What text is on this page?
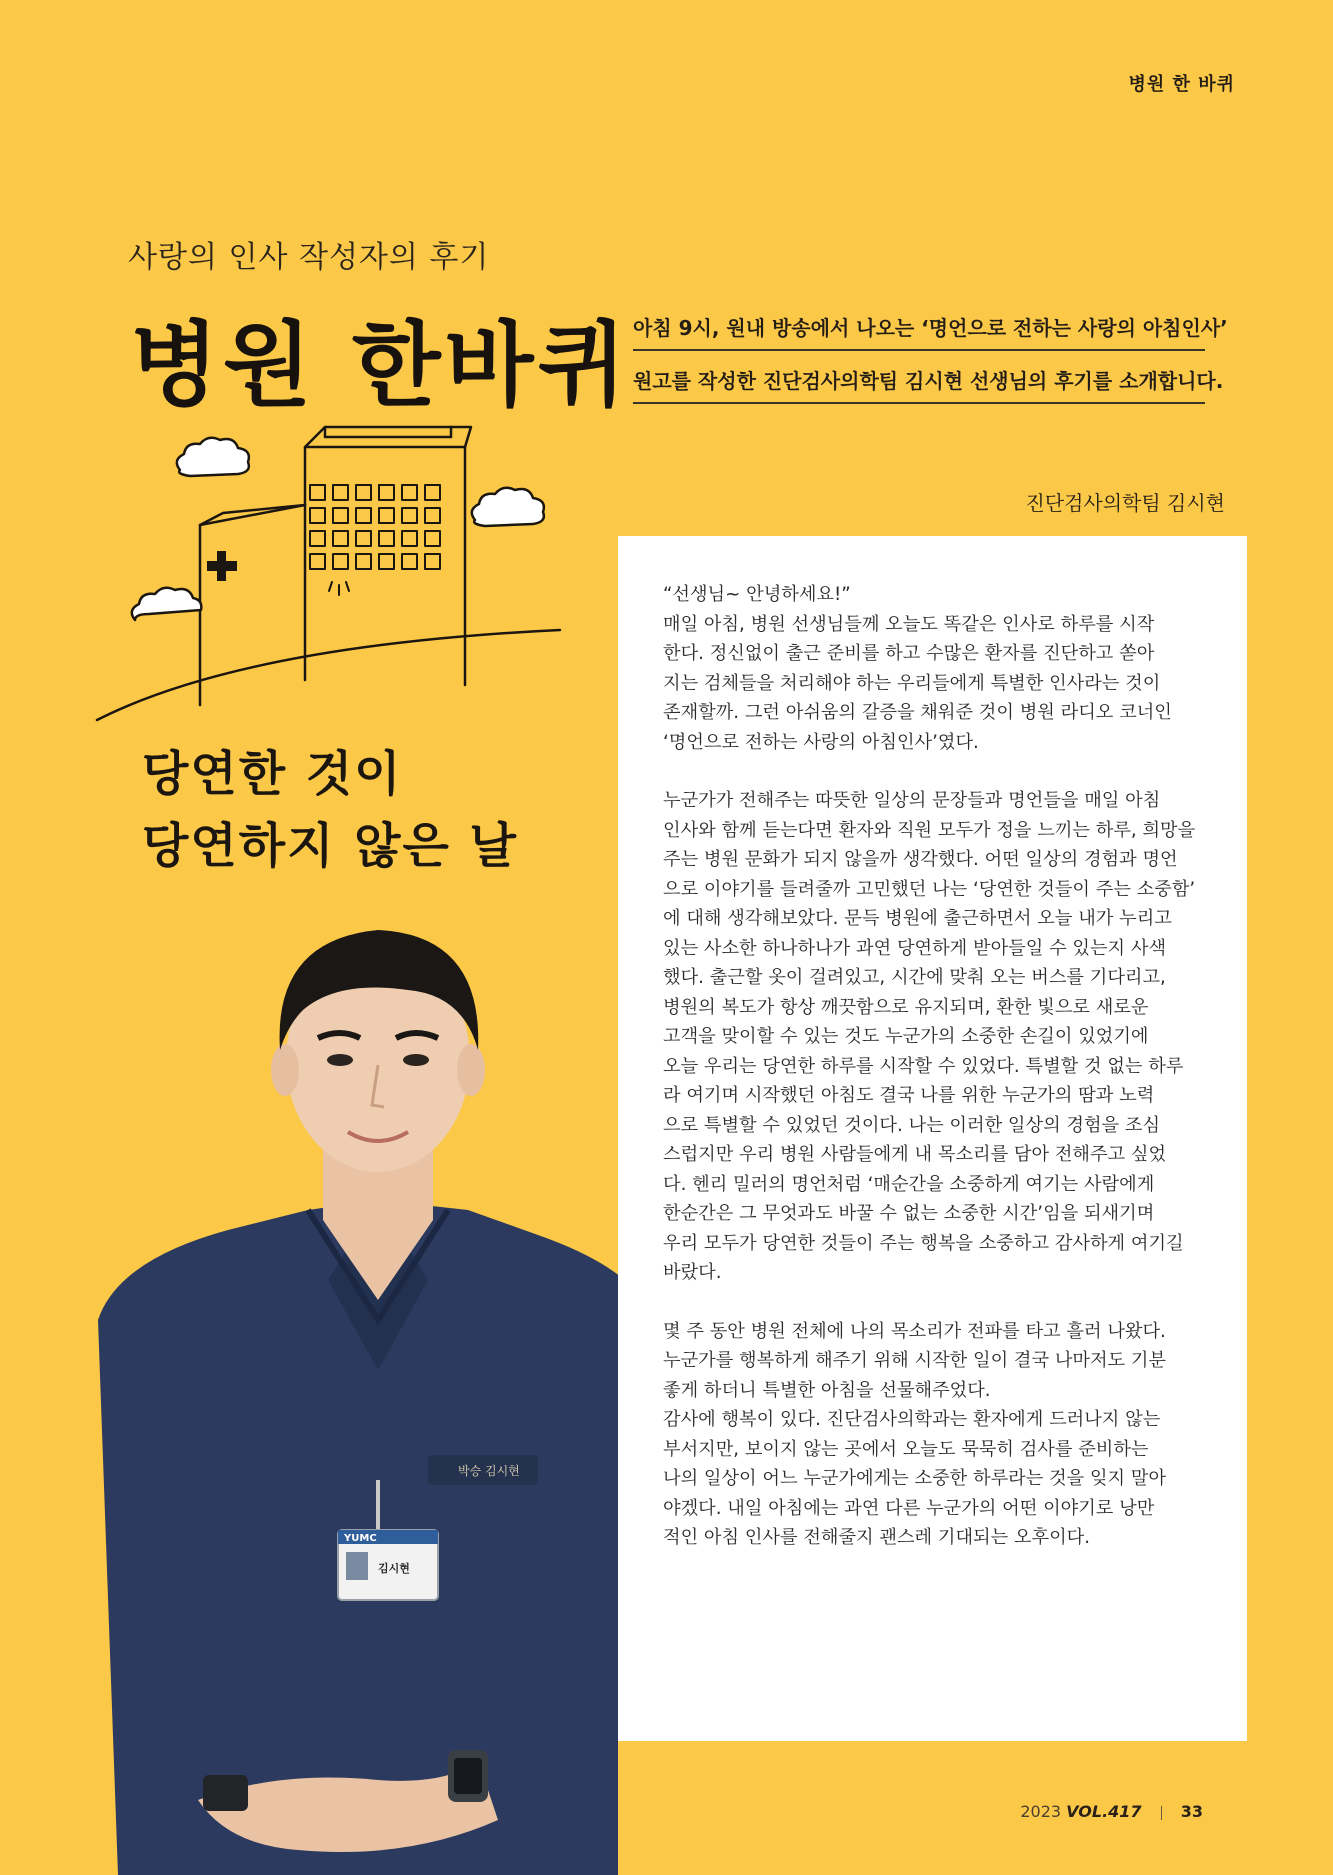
병원 한 바퀴
사랑의 인사 작성자의 후기
병원 한바퀴 아침 9시, 원내 방송에서 나오는 ‘명언으로 전하는 사랑의 아침인사’
원고를 작성한 진단검사의학팀 김시현 선생님의 후기를 소개합니다.
진단검사의학팀 김시현
당연한 것이
당연하지 않은 날
박승 김시현
YUMC
김시현

“선생님~ 안녕하세요!”
매일 아침, 병원 선생님들께 오늘도 똑같은 인사로 하루를 시작
한다. 정신없이 출근 준비를 하고 수많은 환자를 진단하고 쏟아
지는 검체들을 처리해야 하는 우리들에게 특별한 인사라는 것이
존재할까. 그런 아쉬움의 갈증을 채워준 것이 병원 라디오 코너인
‘명언으로 전하는 사랑의 아침인사’였다.

누군가가 전해주는 따뜻한 일상의 문장들과 명언들을 매일 아침
인사와 함께 듣는다면 환자와 직원 모두가 정을 느끼는 하루, 희망을
주는 병원 문화가 되지 않을까 생각했다. 어떤 일상의 경험과 명언
으로 이야기를 들려줄까 고민했던 나는 ‘당연한 것들이 주는 소중함’
에 대해 생각해보았다. 문득 병원에 출근하면서 오늘 내가 누리고
있는 사소한 하나하나가 과연 당연하게 받아들일 수 있는지 사색
했다. 출근할 옷이 걸려있고, 시간에 맞춰 오는 버스를 기다리고,
병원의 복도가 항상 깨끗함으로 유지되며, 환한 빛으로 새로운
고객을 맞이할 수 있는 것도 누군가의 소중한 손길이 있었기에
오늘 우리는 당연한 하루를 시작할 수 있었다. 특별할 것 없는 하루
라 여기며 시작했던 아침도 결국 나를 위한 누군가의 땀과 노력
으로 특별할 수 있었던 것이다. 나는 이러한 일상의 경험을 조심
스럽지만 우리 병원 사람들에게 내 목소리를 담아 전해주고 싶었
다. 헨리 밀러의 명언처럼 ‘매순간을 소중하게 여기는 사람에게
한순간은 그 무엇과도 바꿀 수 없는 소중한 시간’임을 되새기며
우리 모두가 당연한 것들이 주는 행복을 소중하고 감사하게 여기길
바랐다.

몇 주 동안 병원 전체에 나의 목소리가 전파를 타고 흘러 나왔다.
누군가를 행복하게 해주기 위해 시작한 일이 결국 나마저도 기분
좋게 하더니 특별한 아침을 선물해주었다.
감사에 행복이 있다. 진단검사의학과는 환자에게 드러나지 않는
부서지만, 보이지 않는 곳에서 오늘도 묵묵히 검사를 준비하는
나의 일상이 어느 누군가에게는 소중한 하루라는 것을 잊지 말아
야겠다. 내일 아침에는 과연 다른 누군가의 어떤 이야기로 낭만
적인 아침 인사를 전해줄지 괜스레 기대되는 오후이다.

2023 VOL.417 33
